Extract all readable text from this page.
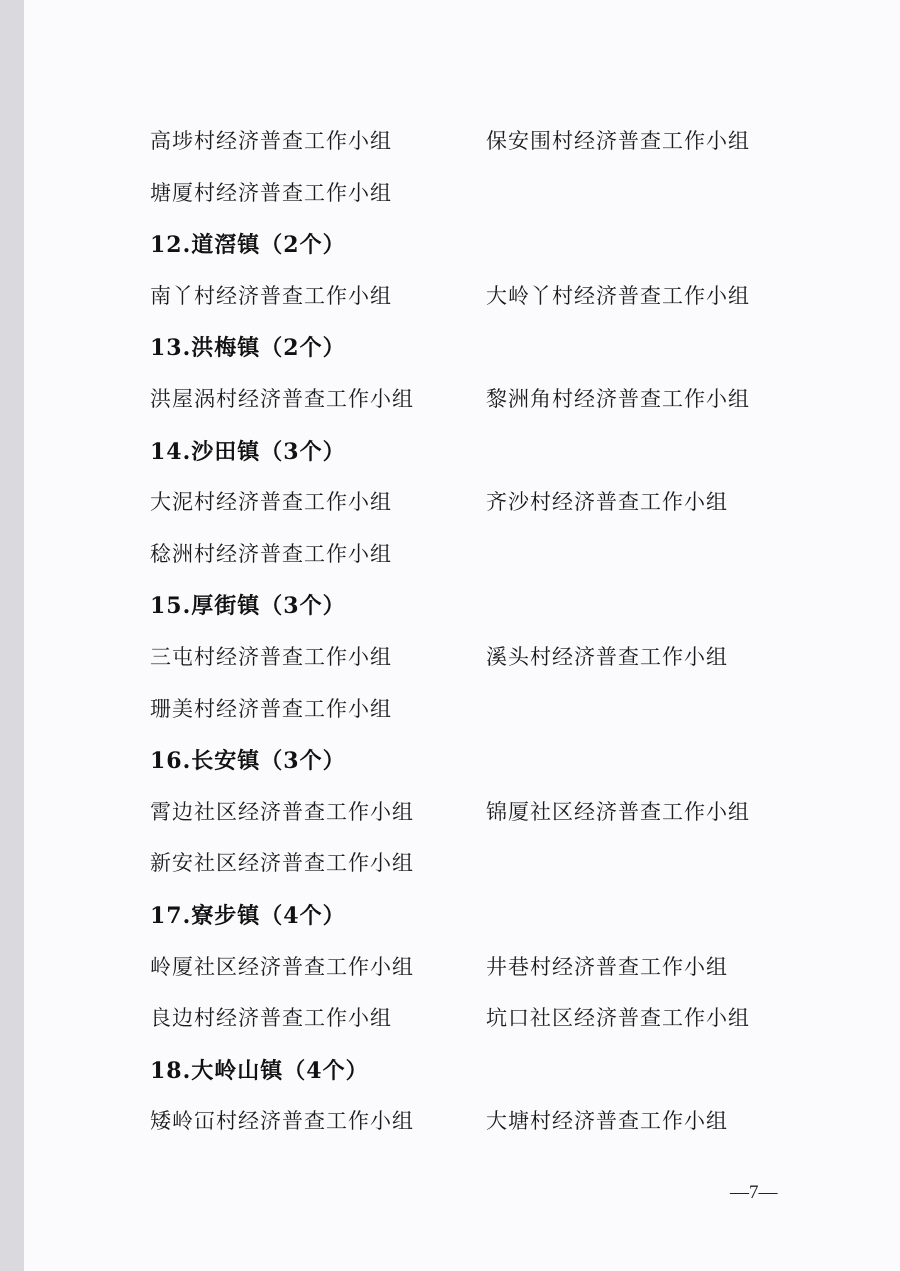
高埗村经济普查工作小组	保安围村经济普查工作小组
塘厦村经济普查工作小组
12.道滘镇（2个）
南丫村经济普查工作小组	大岭丫村经济普查工作小组
13.洪梅镇（2个）
洪屋涡村经济普查工作小组	黎洲角村经济普查工作小组
14.沙田镇（3个）
大泥村经济普查工作小组	齐沙村经济普查工作小组
稔洲村经济普查工作小组
15.厚街镇（3个）
三屯村经济普查工作小组	溪头村经济普查工作小组
珊美村经济普查工作小组
16.长安镇（3个）
霄边社区经济普查工作小组	锦厦社区经济普查工作小组
新安社区经济普查工作小组
17.寮步镇（4个）
岭厦社区经济普查工作小组	井巷村经济普查工作小组
良边村经济普查工作小组	坑口社区经济普查工作小组
18.大岭山镇（4个）
矮岭冚村经济普查工作小组	大塘村经济普查工作小组
—7—
